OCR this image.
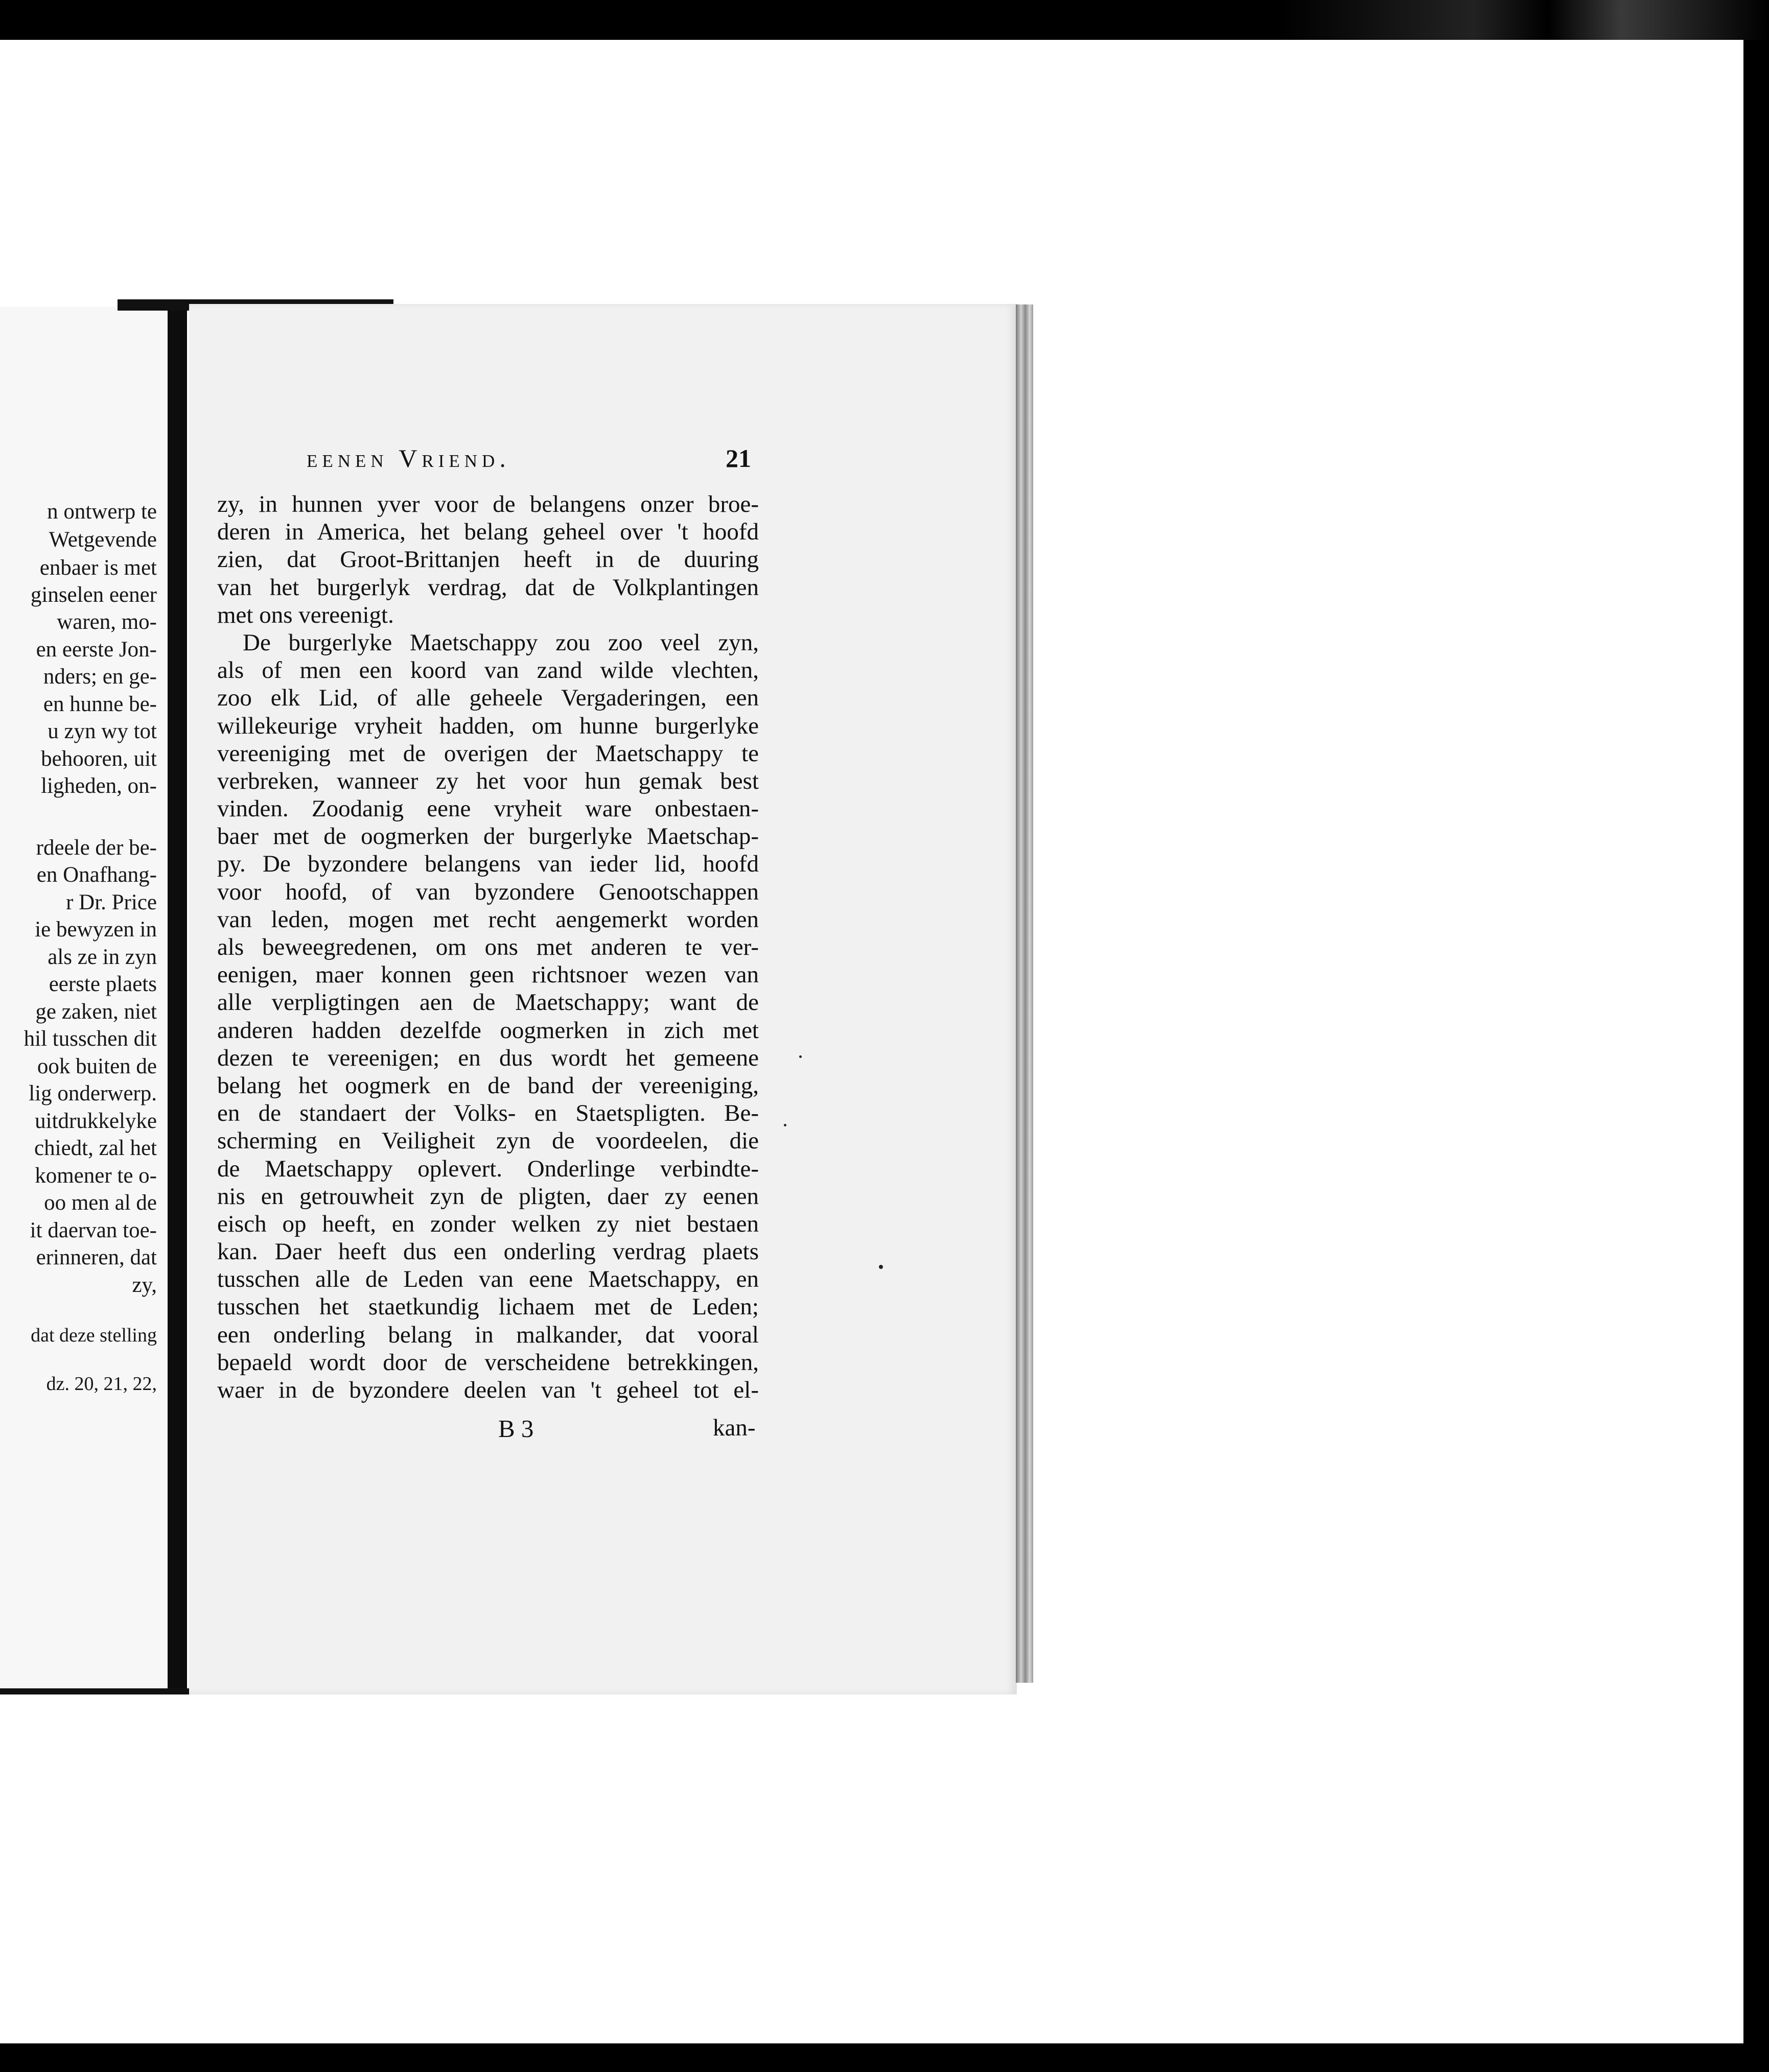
n ontwerp te
Wetgevende
enbaer is met
ginselen eener
waren, mo-
en eerste Jon-
nders; en ge-
en hunne be-
u zyn wy tot
behooren, uit
ligheden, on-
rdeele der be-
en Onafhang-
r Dr. Price
ie bewyzen in
als ze in zyn
eerste plaets
ge zaken, niet
hil tusschen dit
ook buiten de
lig onderwerp.
uitdrukkelyke
chiedt, zal het
komener te o-
oo men al de
it daervan toe-
erinneren, dat
zy,
dat deze stelling
dz. 20, 21, 22,
eenen Vriend.	21
zy, in hunnen yver voor de belangens onzer broe-
deren in America, het belang geheel over 't hoofd
zien, dat Groot-Brittanjen heeft in de duuring
van het burgerlyk verdrag, dat de Volkplantingen
met ons vereenigt.
De burgerlyke Maetschappy zou zoo veel zyn,
als of men een koord van zand wilde vlechten,
zoo elk Lid, of alle geheele Vergaderingen, een
willekeurige vryheit hadden, om hunne burgerlyke
vereeniging met de overigen der Maetschappy te
verbreken, wanneer zy het voor hun gemak best
vinden. Zoodanig eene vryheit ware onbestaen-
baer met de oogmerken der burgerlyke Maetschap-
py. De byzondere belangens van ieder lid, hoofd
voor hoofd, of van byzondere Genootschappen
van leden, mogen met recht aengemerkt worden
als beweegredenen, om ons met anderen te ver-
eenigen, maer konnen geen richtsnoer wezen van
alle verpligtingen aen de Maetschappy; want de
anderen hadden dezelfde oogmerken in zich met
dezen te vereenigen; en dus wordt het gemeene
belang het oogmerk en de band der vereeniging,
en de standaert der Volks- en Staetspligten. Be-
scherming en Veiligheit zyn de voordeelen, die
de Maetschappy oplevert. Onderlinge verbindte-
nis en getrouwheit zyn de pligten, daer zy eenen
eisch op heeft, en zonder welken zy niet bestaen
kan. Daer heeft dus een onderling verdrag plaets
tusschen alle de Leden van eene Maetschappy, en
tusschen het staetkundig lichaem met de Leden;
een onderling belang in malkander, dat vooral
bepaeld wordt door de verscheidene betrekkingen,
waer in de byzondere deelen van 't geheel tot el-
B 3	kan-
